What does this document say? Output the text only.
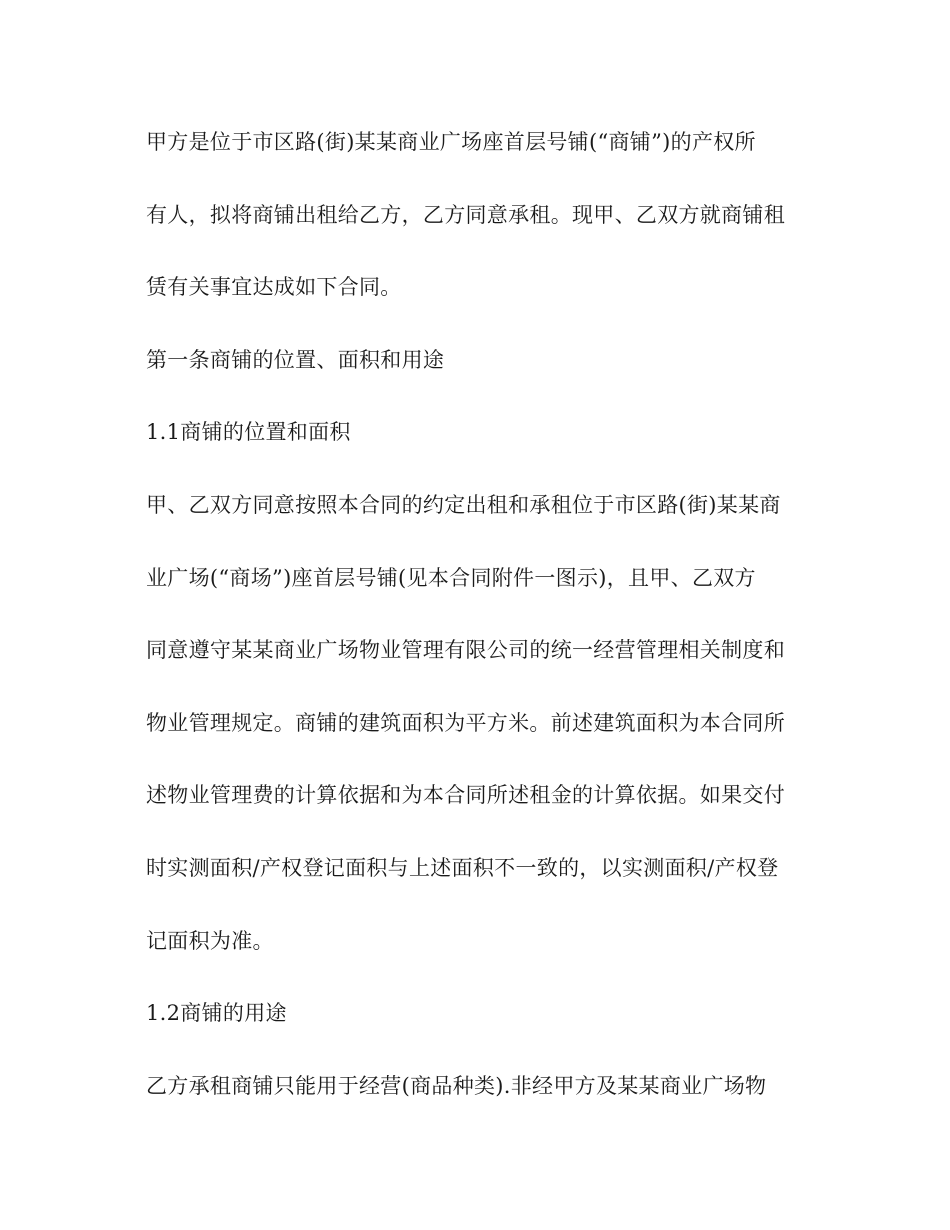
甲方是位于市区路(街)某某商业广场座首层号铺(“商铺”)的产权所
有人，拟将商铺出租给乙方，乙方同意承租。现甲、乙双方就商铺租
赁有关事宜达成如下合同。
第一条商铺的位置、面积和用途
1.1商铺的位置和面积
甲、乙双方同意按照本合同的约定出租和承租位于市区路(街)某某商
业广场(“商场”)座首层号铺(见本合同附件一图示)，且甲、乙双方
同意遵守某某商业广场物业管理有限公司的统一经营管理相关制度和
物业管理规定。商铺的建筑面积为平方米。前述建筑面积为本合同所
述物业管理费的计算依据和为本合同所述租金的计算依据。如果交付
时实测面积/产权登记面积与上述面积不一致的，以实测面积/产权登
记面积为准。
1.2商铺的用途
乙方承租商铺只能用于经营(商品种类).非经甲方及某某商业广场物
